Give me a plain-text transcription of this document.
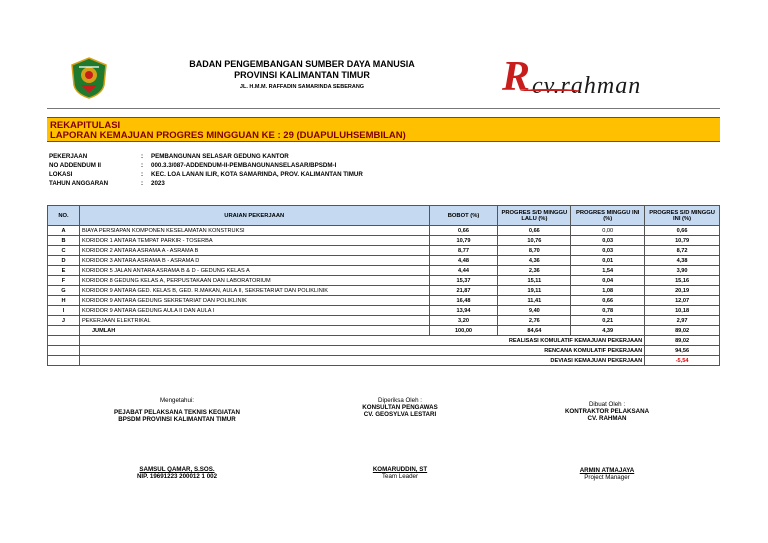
BADAN PENGEMBANGAN SUMBER DAYA MANUSIA
PROVINSI KALIMANTAN TIMUR
JL. H.M.M. RAFFADIN SAMARINDA SEBERANG	R cv.rahman
REKAPITULASI
LAPORAN KEMAJUAN PROGRES MINGGUAN KE : 29 (DUAPULUHSEMBILAN)
PEKERJAAN	:	PEMBANGUNAN SELASAR GEDUNG KANTOR
NO ADDENDUM II	:	000.3.3/087-ADDENDUM-II-PEMBANGUNANSELASAR/BPSDM-I
LOKASI	:	KEC. LOA LANAN ILIR, KOTA SAMARINDA, PROV. KALIMANTAN TIMUR
TAHUN ANGGARAN	:	2023
NO.	URAIAN PEKERJAAN	BOBOT (%)	PROGRES S/D MINGGU LALU (%)	PROGRES MINGGU INI (%)	PROGRES S/D MINGGU INI (%)
A	BIAYA PERSIAPAN KOMPONEN KESELAMATAN KONSTRUKSI	0,66	0,66	0,00	0,66
B	KORIDOR 1 ANTARA TEMPAT PARKIR - TOSERBA	10,79	10,76	0,03	10,79
C	KORIDOR 2 ANTARA ASRAMA A - ASRAMA B	8,77	8,70	0,03	8,72
D	KORIDOR 3 ANTARA ASRAMA B - ASRAMA D	4,48	4,36	0,01	4,38
E	KORIDOR 5 JALAN ANTARA ASRAMA B & D - GEDUNG KELAS A	4,44	2,36	1,54	3,90
F	KORIDOR 8 GEDUNG KELAS A, PERPUSTAKAAN DAN LABORATORIUM	15,37	15,11	0,04	15,16
G	KORIDOR 9 ANTARA GED. KELAS B, GED. R.MAKAN, AULA II, SEKRETARIAT DAN POLIKLINIK	21,87	19,11	1,08	20,19
H	KORIDOR 9 ANTARA GEDUNG SEKRETARIAT DAN POLIKLINIK	16,48	11,41	0,66	12,07
I	KORIDOR 9 ANTARA GEDUNG AULA II DAN AULA I	13,94	9,40	0,78	10,18
J	PEKERJAAN ELEKTRIKAL	3,20	2,76	0,21	2,97
	JUMLAH	100,00	84,64	4,39	89,02
	REALISASI KOMULATIF KEMAJUAN PEKERJAAN				89,02
	RENCANA KOMULATIF PEKERJAAN				94,56
	DEVIASI KEMAJUAN PEKERJAAN				-5,54
Mengetahui:
PEJABAT PELAKSANA TEKNIS KEGIATAN
BPSDM PROVINSI KALIMANTAN TIMUR
SAMSUL QAMAR, S.SOS.
NIP. 19691223 200012 1 002
Diperiksa Oleh :
KONSULTAN PENGAWAS
CV. GEOSYLVA LESTARI
KOMARUDDIN, ST
Team Leader
Dibuat Oleh :
KONTRAKTOR PELAKSANA
CV. RAHMAN
ARMIN ATMAJAYA
Project Manager
